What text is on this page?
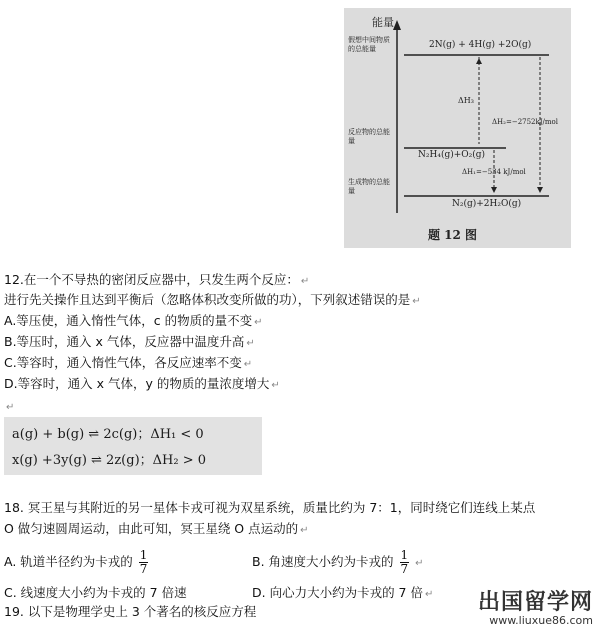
能量
假想中间物质的总能量	2N(g) + 4H(g) +2O(g)
ΔH₃
ΔH₂=−2752kJ/mol
反应物的总能量
N₂H₄(g)+O₂(g)
ΔH₁=−534 kJ/mol
生成物的总能量
N₂(g)+2H₂O(g)
题 12 图
12.在一个不导热的密闭反应器中，只发生两个反应： ↵
进行先关操作且达到平衡后（忽略体积改变所做的功），下列叙述错误的是 ↵
A.等压使，通入惰性气体，c 的物质的量不变 ↵
B.等压时，通入 x 气体，反应器中温度升高 ↵
C.等容时，通入惰性气体，各反应速率不变 ↵
D.等容时，通入 x 气体，y 的物质的量浓度增大 ↵
↵
a(g) + b(g) ⇌ 2c(g)；ΔH₁ < 0
x(g) +3y(g) ⇌ 2z(g)；ΔH₂ > 0
18. 冥王星与其附近的另一星体卡戎可视为双星系统，质量比约为 7：1，同时绕它们连线上某点
O 做匀速圆周运动，由此可知，冥王星绕 O 点运动的 ↵
A. 轨道半径约为卡戎的 $\frac{1}{7}$	B. 角速度大小约为卡戎的 $\frac{1}{7}$ ↵
C. 线速度大小约为卡戎的 7 倍速	D. 向心力大小约为卡戎的 7 倍 ↵
19. 以下是物理学史上 3 个著名的核反应方程	出国留学网
www.liuxue86.com
